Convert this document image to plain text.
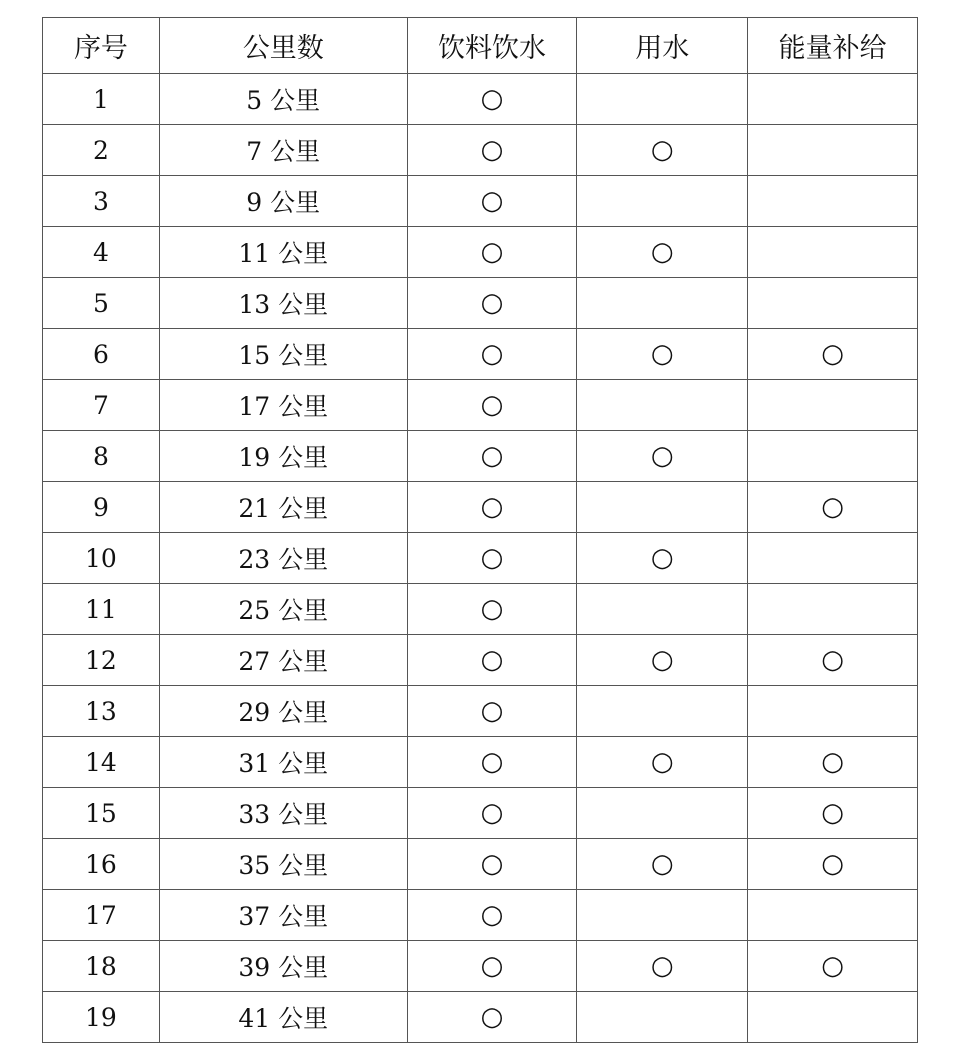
序号	公里数	饮料饮水	用水	能量补给
1	5 公里	○		
2	7 公里	○	○	
3	9 公里	○		
4	11 公里	○	○	
5	13 公里	○		
6	15 公里	○	○	○
7	17 公里	○		
8	19 公里	○	○	
9	21 公里	○		○
10	23 公里	○	○	
11	25 公里	○		
12	27 公里	○	○	○
13	29 公里	○		
14	31 公里	○	○	○
15	33 公里	○		○
16	35 公里	○	○	○
17	37 公里	○		
18	39 公里	○	○	○
19	41 公里	○		
